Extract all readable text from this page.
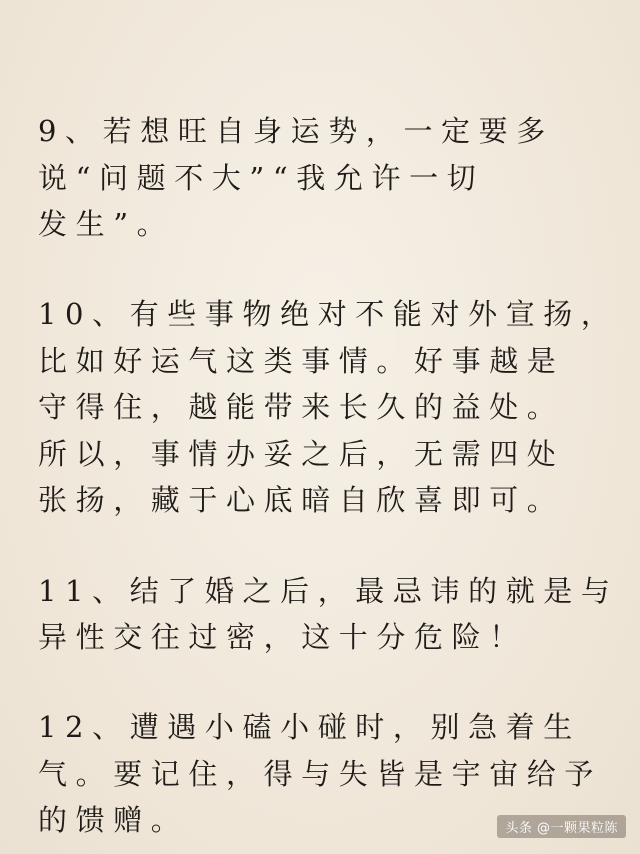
9、若想旺自身运势，一定要多
说“问题不大”“我允许一切
发生”。
10、有些事物绝对不能对外宣扬，
比如好运气这类事情。好事越是
守得住，越能带来长久的益处。
所以，事情办妥之后，无需四处
张扬，藏于心底暗自欣喜即可。
11、结了婚之后，最忌讳的就是与
异性交往过密，这十分危险！
12、遭遇小磕小碰时，别急着生
气。要记住，得与失皆是宇宙给予
的馈赠。	头条 @一颗果粒陈
